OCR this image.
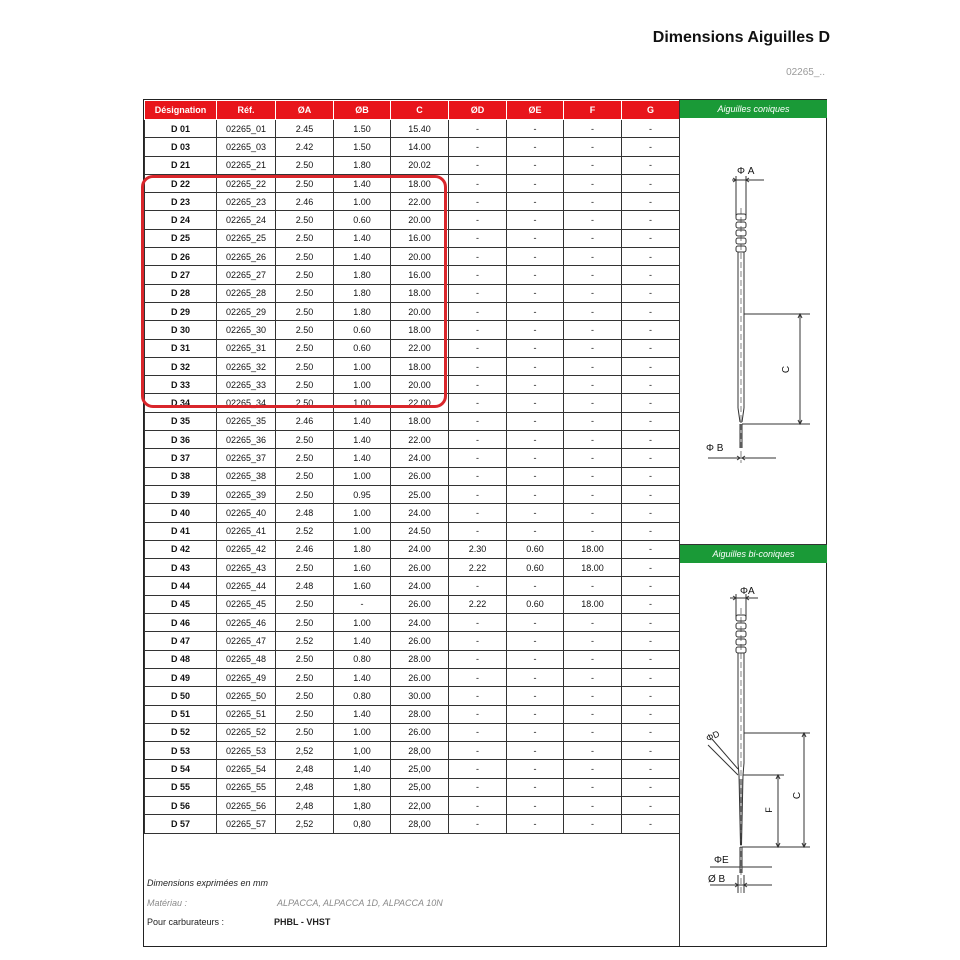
Dimensions Aiguilles D
02265_..
Désignation	Réf.	ØA	ØB	C	ØD	ØE	F	G
D 01	02265_01	2.45	1.50	15.40	-	-	-	-
D 03	02265_03	2.42	1.50	14.00	-	-	-	-
D 21	02265_21	2.50	1.80	20.02	-	-	-	-
D 22	02265_22	2.50	1.40	18.00	-	-	-	-
D 23	02265_23	2.46	1.00	22.00	-	-	-	-
D 24	02265_24	2.50	0.60	20.00	-	-	-	-
D 25	02265_25	2.50	1.40	16.00	-	-	-	-
D 26	02265_26	2.50	1.40	20.00	-	-	-	-
D 27	02265_27	2.50	1.80	16.00	-	-	-	-
D 28	02265_28	2.50	1.80	18.00	-	-	-	-
D 29	02265_29	2.50	1.80	20.00	-	-	-	-
D 30	02265_30	2.50	0.60	18.00	-	-	-	-
D 31	02265_31	2.50	0.60	22.00	-	-	-	-
D 32	02265_32	2.50	1.00	18.00	-	-	-	-
D 33	02265_33	2.50	1.00	20.00	-	-	-	-
D 34	02265_34	2.50	1.00	22.00	-	-	-	-
D 35	02265_35	2.46	1.40	18.00	-	-	-	-
D 36	02265_36	2.50	1.40	22.00	-	-	-	-
D 37	02265_37	2.50	1.40	24.00	-	-	-	-
D 38	02265_38	2.50	1.00	26.00	-	-	-	-
D 39	02265_39	2.50	0.95	25.00	-	-	-	-
D 40	02265_40	2.48	1.00	24.00	-	-	-	-
D 41	02265_41	2.52	1.00	24.50	-	-	-	-
D 42	02265_42	2.46	1.80	24.00	2.30	0.60	18.00	-
D 43	02265_43	2.50	1.60	26.00	2.22	0.60	18.00	-
D 44	02265_44	2.48	1.60	24.00	-	-	-	-
D 45	02265_45	2.50	-	26.00	2.22	0.60	18.00	-
D 46	02265_46	2.50	1.00	24.00	-	-	-	-
D 47	02265_47	2.52	1.40	26.00	-	-	-	-
D 48	02265_48	2.50	0.80	28.00	-	-	-	-
D 49	02265_49	2.50	1.40	26.00	-	-	-	-
D 50	02265_50	2.50	0.80	30.00	-	-	-	-
D 51	02265_51	2.50	1.40	28.00	-	-	-	-
D 52	02265_52	2.50	1.00	26.00	-	-	-	-
D 53	02265_53	2,52	1,00	28,00	-	-	-	-
D 54	02265_54	2,48	1,40	25,00	-	-	-	-
D 55	02265_55	2,48	1,80	25,00	-	-	-	-
D 56	02265_56	2,48	1,80	22,00	-	-	-	-
D 57	02265_57	2,52	0,80	28,00	-	-	-	-
Dimensions exprimées en mm
Matériau :	ALPACCA, ALPACCA 1D, ALPACCA 10N
Pour carburateurs :	PHBL - VHST
Aiguilles coniques
Φ A
Φ B
C
Aiguilles bi-coniques
ΦA
ΦD
C
F
ΦE
Ø B
